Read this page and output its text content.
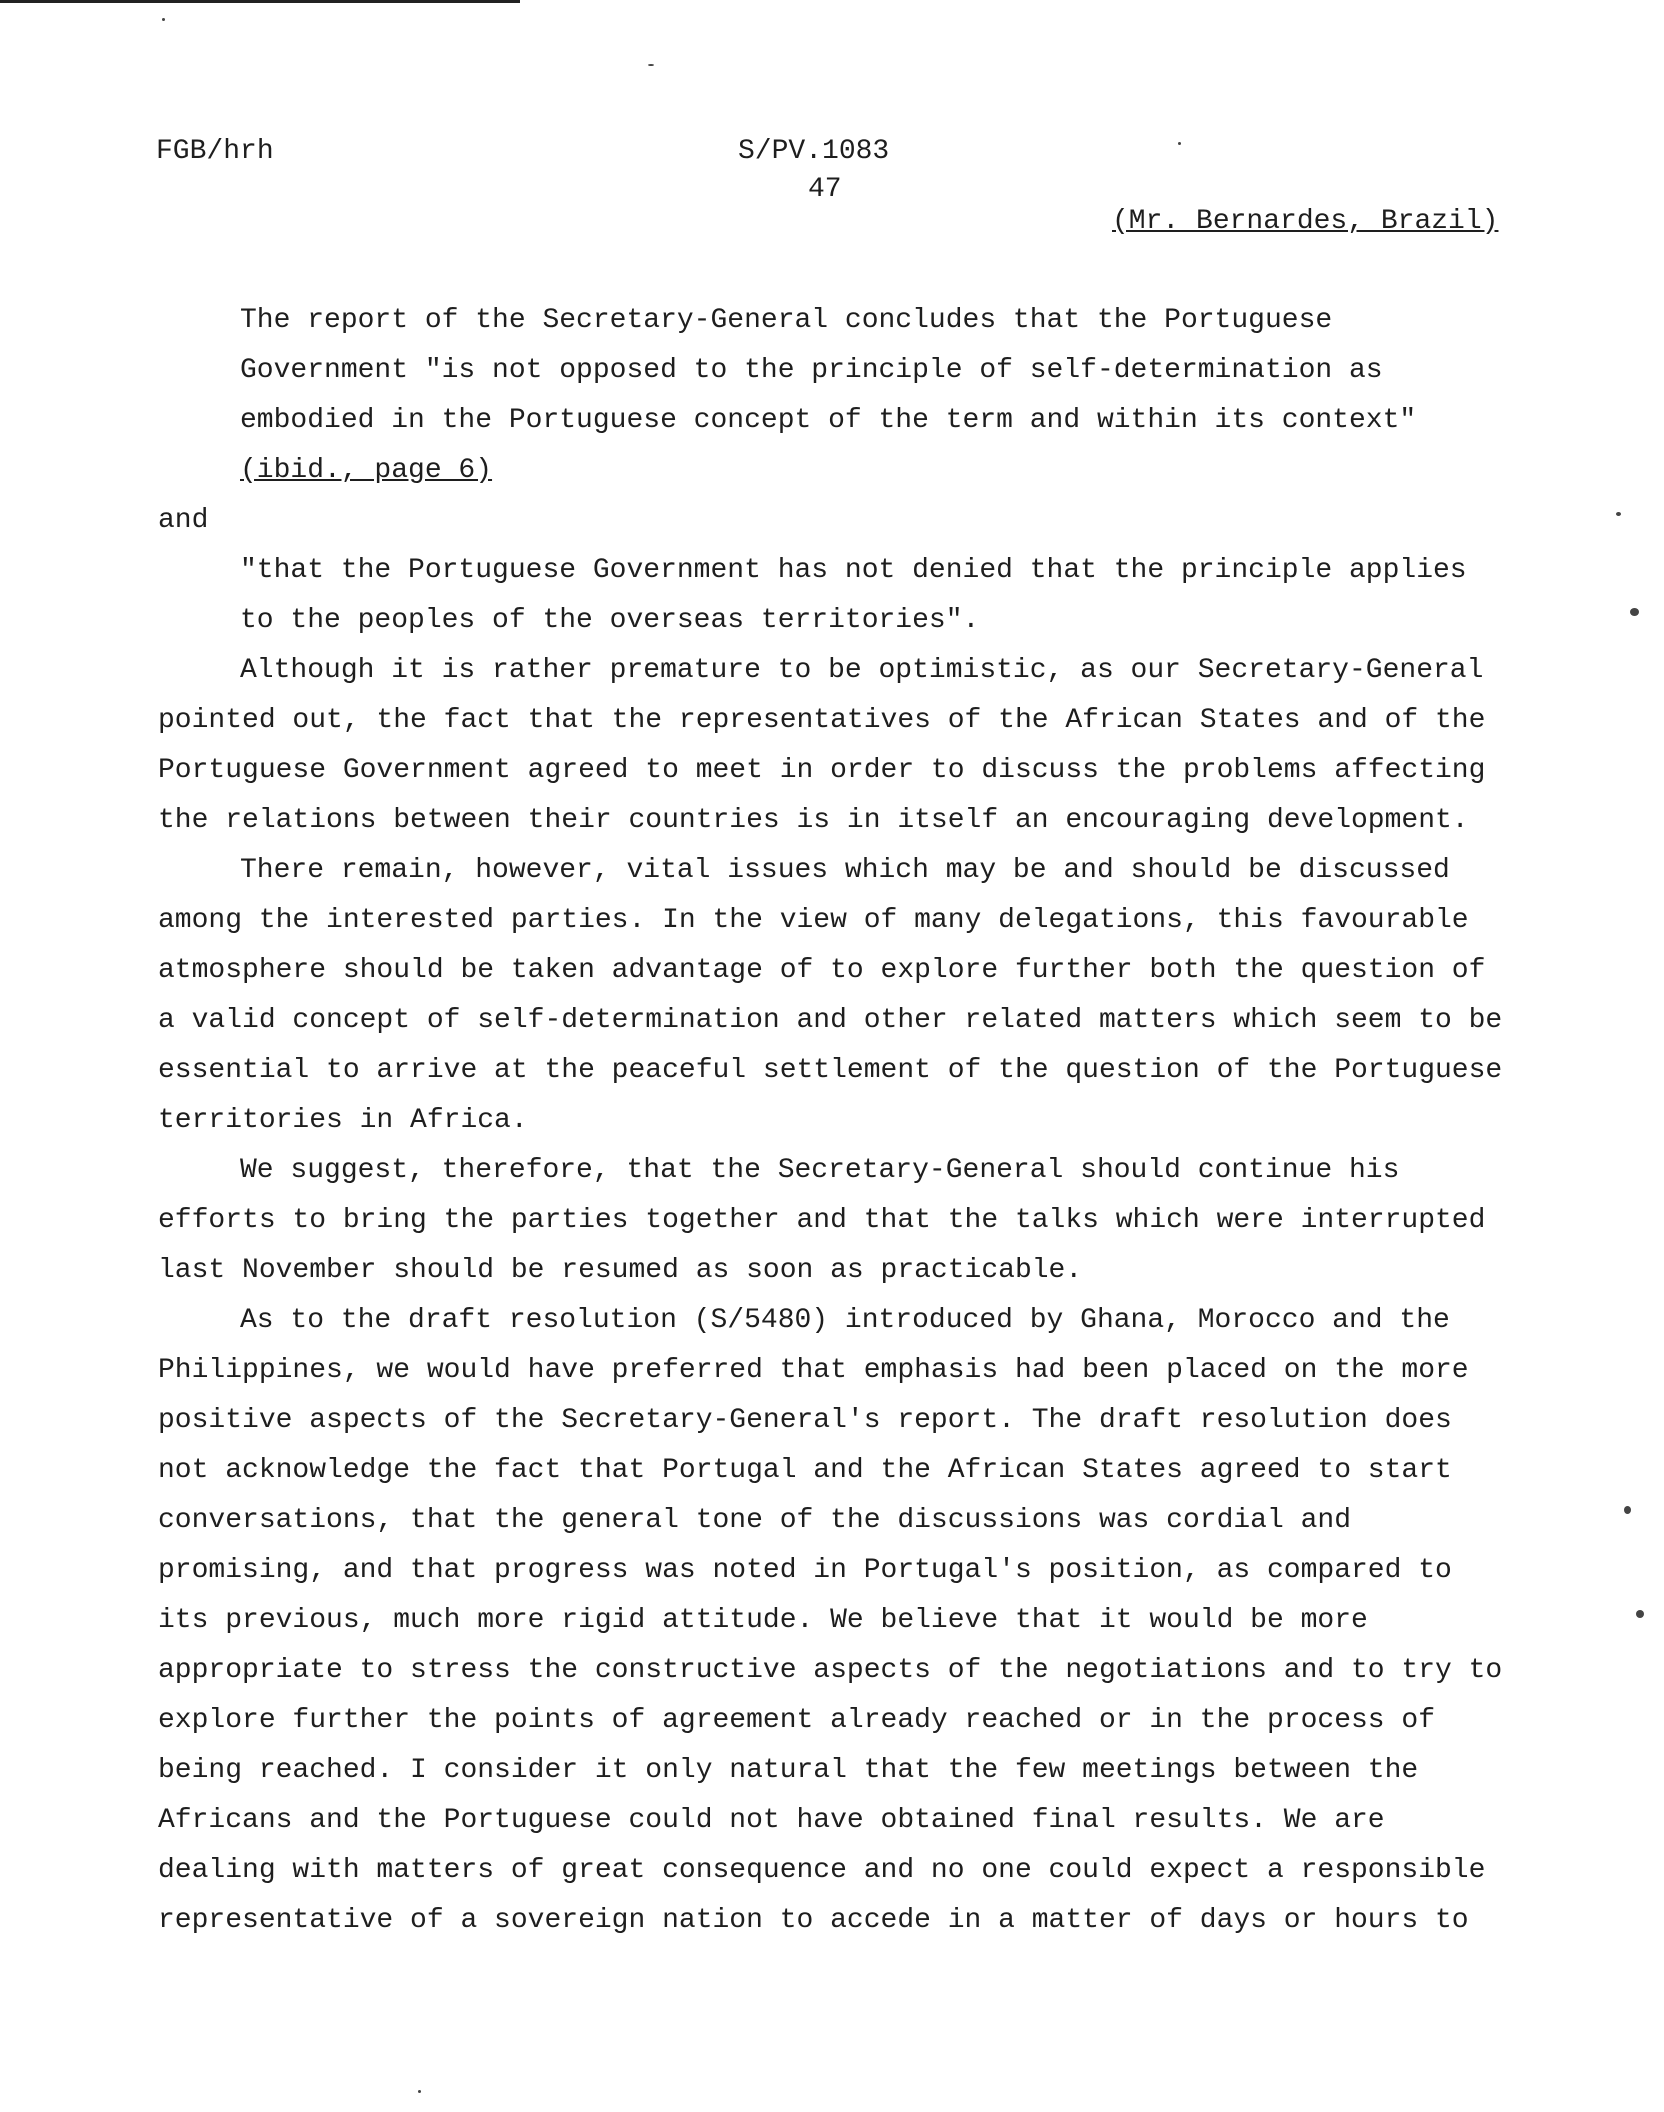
FGB/hrh	S/PV.1083
47
(Mr. Bernardes, Brazil)

The report of the Secretary-General concludes that the Portuguese Government "is not opposed to the principle of self-determination as embodied in the Portuguese concept of the term and within its context" (ibid., page 6)

and

"that the Portuguese Government has not denied that the principle applies to the peoples of the overseas territories".

Although it is rather premature to be optimistic, as our Secretary-General pointed out, the fact that the representatives of the African States and of the Portuguese Government agreed to meet in order to discuss the problems affecting the relations between their countries is in itself an encouraging development.

There remain, however, vital issues which may be and should be discussed among the interested parties. In the view of many delegations, this favourable atmosphere should be taken advantage of to explore further both the question of a valid concept of self-determination and other related matters which seem to be essential to arrive at the peaceful settlement of the question of the Portuguese territories in Africa.

We suggest, therefore, that the Secretary-General should continue his efforts to bring the parties together and that the talks which were interrupted last November should be resumed as soon as practicable.

As to the draft resolution (S/5480) introduced by Ghana, Morocco and the Philippines, we would have preferred that emphasis had been placed on the more positive aspects of the Secretary-General's report. The draft resolution does not acknowledge the fact that Portugal and the African States agreed to start conversations, that the general tone of the discussions was cordial and promising, and that progress was noted in Portugal's position, as compared to its previous, much more rigid attitude. We believe that it would be more appropriate to stress the constructive aspects of the negotiations and to try to explore further the points of agreement already reached or in the process of being reached. I consider it only natural that the few meetings between the Africans and the Portuguese could not have obtained final results. We are dealing with matters of great consequence and no one could expect a responsible representative of a sovereign nation to accede in a matter of days or hours to
